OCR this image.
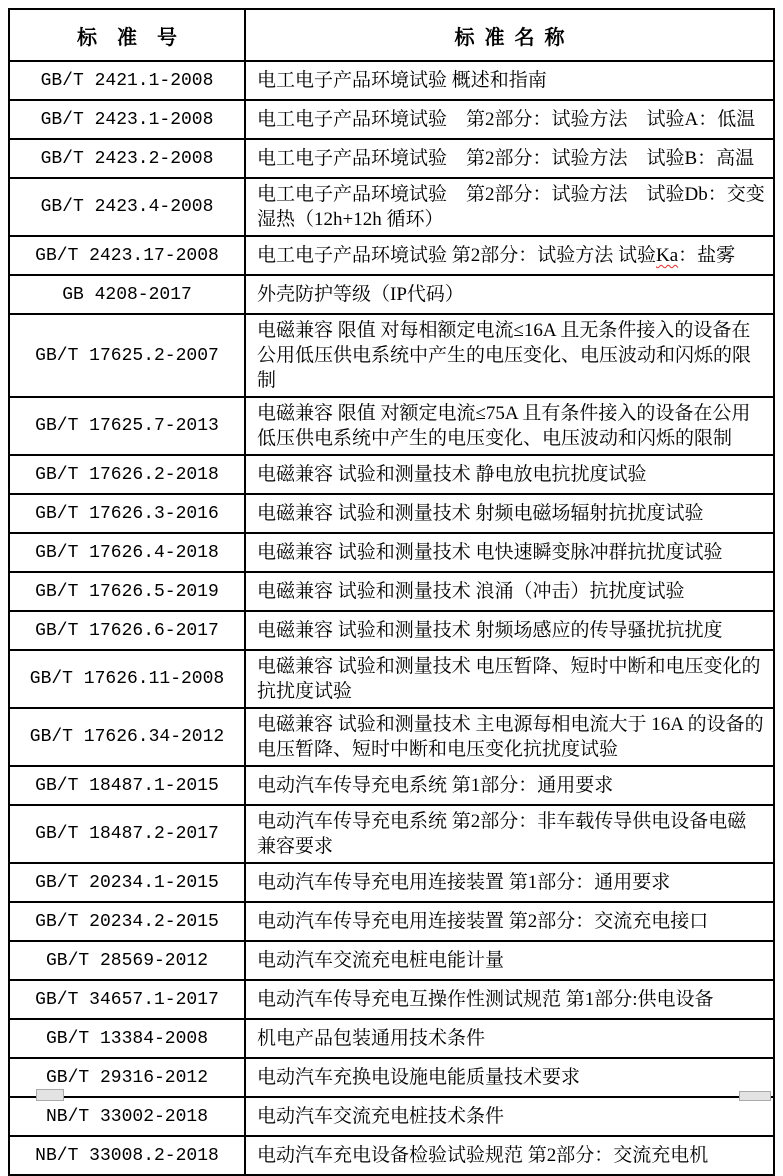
标准号	标准名称
GB/T 2421.1-2008	电工电子产品环境试验 概述和指南
GB/T 2423.1-2008	电工电子产品环境试验　第2部分：试验方法　试验A：低温
GB/T 2423.2-2008	电工电子产品环境试验　第2部分：试验方法　试验B：高温
GB/T 2423.4-2008	电工电子产品环境试验　第2部分：试验方法　试验Db：交变湿热（12h+12h 循环）
GB/T 2423.17-2008	电工电子产品环境试验 第2部分：试验方法 试验Ka：盐雾
GB 4208-2017	外壳防护等级（IP代码）
GB/T 17625.2-2007	电磁兼容 限值 对每相额定电流≤16A 且无条件接入的设备在公用低压供电系统中产生的电压变化、电压波动和闪烁的限制
GB/T 17625.7-2013	电磁兼容 限值 对额定电流≤75A 且有条件接入的设备在公用低压供电系统中产生的电压变化、电压波动和闪烁的限制
GB/T 17626.2-2018	电磁兼容 试验和测量技术 静电放电抗扰度试验
GB/T 17626.3-2016	电磁兼容 试验和测量技术 射频电磁场辐射抗扰度试验
GB/T 17626.4-2018	电磁兼容 试验和测量技术 电快速瞬变脉冲群抗扰度试验
GB/T 17626.5-2019	电磁兼容 试验和测量技术 浪涌（冲击）抗扰度试验
GB/T 17626.6-2017	电磁兼容 试验和测量技术 射频场感应的传导骚扰抗扰度
GB/T 17626.11-2008	电磁兼容 试验和测量技术 电压暂降、短时中断和电压变化的抗扰度试验
GB/T 17626.34-2012	电磁兼容 试验和测量技术 主电源每相电流大于 16A 的设备的电压暂降、短时中断和电压变化抗扰度试验
GB/T 18487.1-2015	电动汽车传导充电系统 第1部分：通用要求
GB/T 18487.2-2017	电动汽车传导充电系统 第2部分：非车载传导供电设备电磁兼容要求
GB/T 20234.1-2015	电动汽车传导充电用连接装置 第1部分：通用要求
GB/T 20234.2-2015	电动汽车传导充电用连接装置 第2部分：交流充电接口
GB/T 28569-2012	电动汽车交流充电桩电能计量
GB/T 34657.1-2017	电动汽车传导充电互操作性测试规范 第1部分:供电设备
GB/T 13384-2008	机电产品包装通用技术条件
GB/T 29316-2012	电动汽车充换电设施电能质量技术要求
NB/T 33002-2018	电动汽车交流充电桩技术条件
NB/T 33008.2-2018	电动汽车充电设备检验试验规范 第2部分：交流充电机
